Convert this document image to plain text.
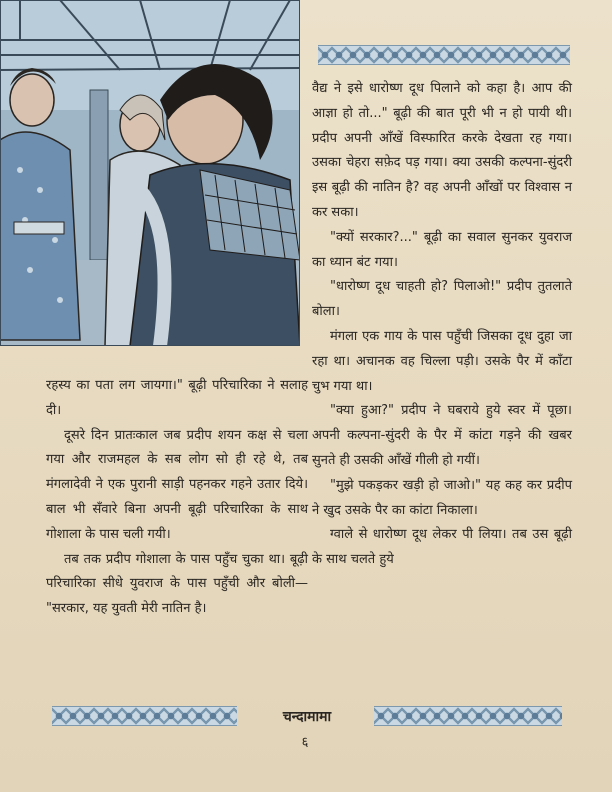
रहस्य का पता लग जायगा।" बूढ़ी परिचारिका ने सलाह दी।

दूसरे दिन प्रातःकाल जब प्रदीप शयन कक्ष से चला गया और राजमहल के सब लोग सो ही रहे थे, तब मंगलादेवी ने एक पुरानी साड़ी पहनकर गहने उतार दिये। बाल भी सँवारे बिना अपनी बूढ़ी परिचारिका के साथ गोशाला के पास चली गयी।

तब तक प्रदीप गोशाला के पास पहुँच चुका था। बूढ़ी परिचारिका सीधे युवराज के पास पहुँची और बोली— "सरकार, यह युवती मेरी नातिन है।

वैद्य ने इसे धारोष्ण दूध पिलाने को कहा है। आप की आज्ञा हो तो..." बूढ़ी की बात पूरी भी न हो पायी थी। प्रदीप अपनी आँखें विस्फारित करके देखता रह गया। उसका चेहरा सफ़ेद पड़ गया। क्या उसकी कल्पना-सुंदरी इस बूढ़ी की नातिन है? वह अपनी आँखों पर विश्वास न कर सका।

"क्यों सरकार?..." बूढ़ी का सवाल सुनकर युवराज का ध्यान बंट गया।

"धारोष्ण दूध चाहती हो? पिलाओ!" प्रदीप तुतलाते बोला।

मंगला एक गाय के पास पहुँची जिसका दूध दुहा जा रहा था। अचानक वह चिल्ला पड़ी। उसके पैर में काँटा चुभ गया था।

"क्या हुआ?" प्रदीप ने घबराये हुये स्वर में पूछा। अपनी कल्पना-सुंदरी के पैर में कांटा गड़ने की खबर सुनते ही उसकी आँखें गीली हो गयीं।

"मुझे पकड़कर खड़ी हो जाओ।" यह कह कर प्रदीप ने खुद उसके पैर का कांटा निकाला।

ग्वाले से धारोष्ण दूध लेकर पी लिया। तब उस बूढ़ी के साथ चलते हुये

चन्दामामा
६
